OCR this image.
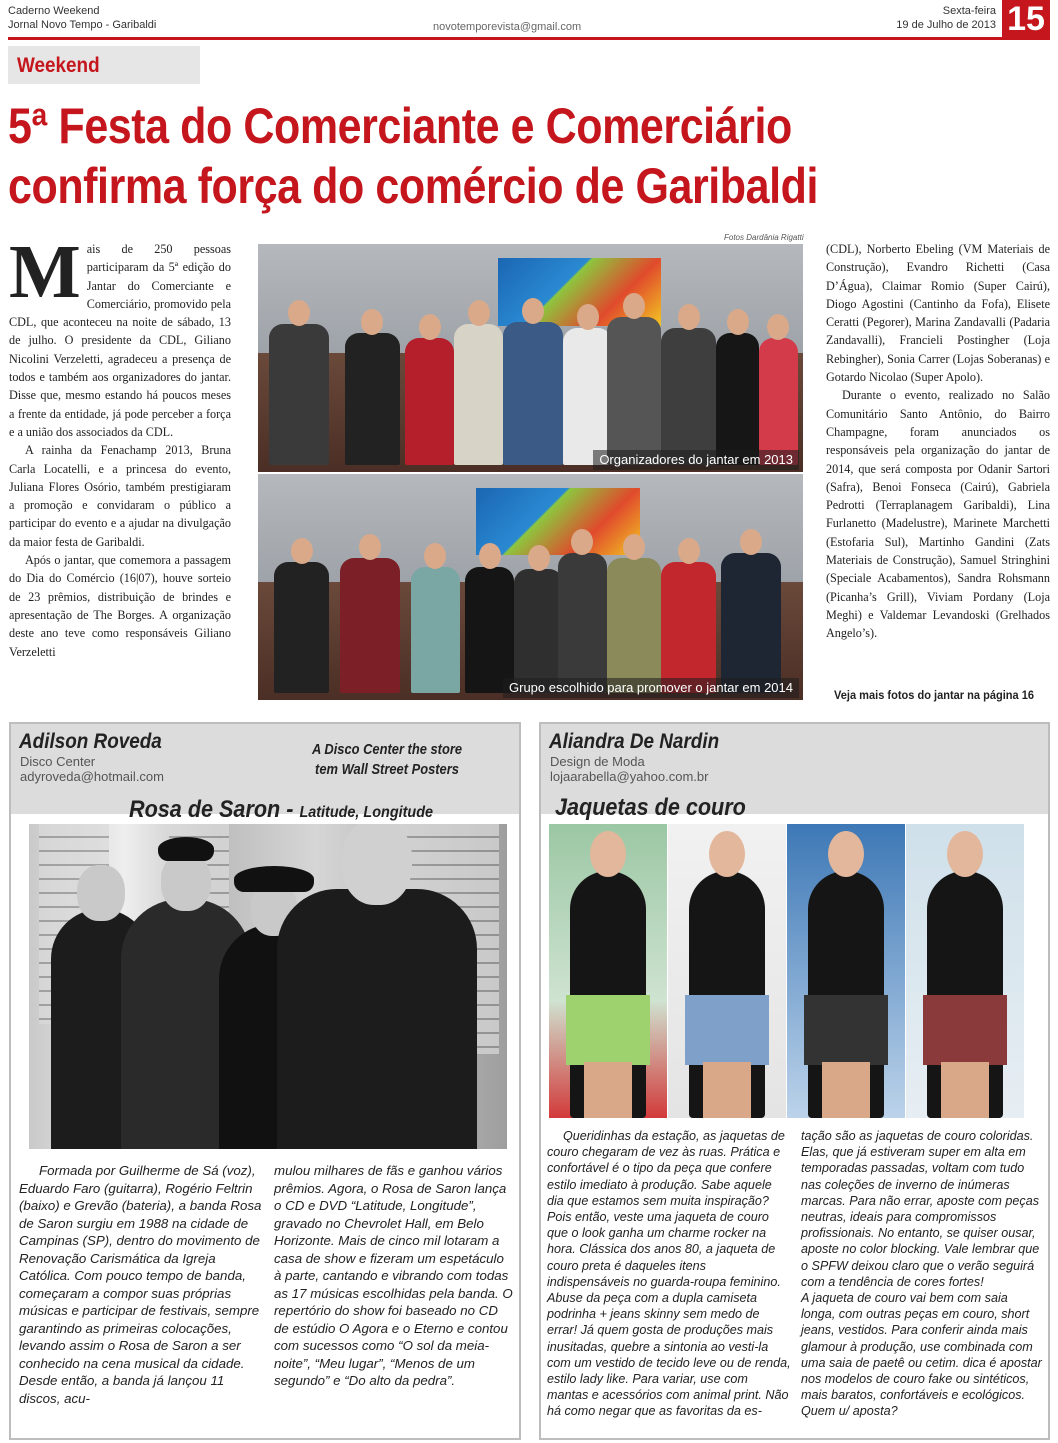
Caderno Weekend
Jornal Novo Tempo - Garibaldi	novotemporevista@gmail.com
Sexta-feira
19 de Julho de 2013 15
Weekend
5ª Festa do Comerciante e Comerciário
confirma força do comércio de Garibaldi

Mais de 250 pessoas participaram da 5ª edição do Jantar do Comerciante e Comerciário, promovido pela CDL, que aconteceu na noite de sábado, 13 de julho. O presidente da CDL, Giliano Nicolini Verzeletti, agradeceu a presença de todos e também aos organizadores do jantar. Disse que, mesmo estando há poucos meses a frente da entidade, já pode perceber a força e a união dos associados da CDL.

A rainha da Fenachamp 2013, Bruna Carla Locatelli, e a princesa do evento, Juliana Flores Osório, também prestigiaram a promoção e convidaram o público a participar do evento e a ajudar na divulgação da maior festa de Garibaldi.

Após o jantar, que comemora a passagem do Dia do Comércio (16|07), houve sorteio de 23 prêmios, distribuição de brindes e apresentação de The Borges. A organização deste ano teve como responsáveis Giliano Verzeletti

Fotos Dardânia Rigatti
Organizadores do jantar em 2013
Grupo escolhido para promover o jantar em 2014

(CDL), Norberto Ebeling (VM Materiais de Construção), Evandro Richetti (Casa D’Água), Claimar Romio (Super Cairú), Diogo Agostini (Cantinho da Fofa), Elisete Ceratti (Pegorer), Marina Zandavalli (Padaria Zandavalli), Francieli Postingher (Loja Rebingher), Sonia Carrer (Lojas Soberanas) e Gotardo Nicolao (Super Apolo).

Durante o evento, realizado no Salão Comunitário Santo Antônio, do Bairro Champagne, foram anunciados os responsáveis pela organização do jantar de 2014, que será composta por Odanir Sartori (Safra), Benoi Fonseca (Cairú), Gabriela Pedrotti (Terraplanagem Garibaldi), Lina Furlanetto (Madelustre), Marinete Marchetti (Estofaria Sul), Martinho Gandini (Zats Materiais de Construção), Samuel Stringhini (Speciale Acabamentos), Sandra Rohsmann (Picanha’s Grill), Viviam Pordany (Loja Meghi) e Valdemar Levandoski (Grelhados Angelo’s).

Veja mais fotos do jantar na página 16
Adilson Roveda
Disco Center
adyroveda@hotmail.com
A Disco Center the store
tem Wall Street Posters
Rosa de Saron - Latitude, Longitude

Formada por Guilherme de Sá (voz), Eduardo Faro (guitarra), Rogério Feltrin (baixo) e Grevão (bateria), a banda Rosa de Saron surgiu em 1988 na cidade de Campinas (SP), dentro do movimento de Renovação Carismática da Igreja Católica. Com pouco tempo de banda, começaram a compor suas próprias músicas e participar de festivais, sempre garantindo as primeiras colocações, levando assim o Rosa de Saron a ser conhecido na cena musical da cidade. Desde então, a banda já lançou 11 discos, acu-

mulou milhares de fãs e ganhou vários prêmios. Agora, o Rosa de Saron lança o CD e DVD “Latitude, Longitude”, gravado no Chevrolet Hall, em Belo Horizonte. Mais de cinco mil lotaram a casa de show e fizeram um espetáculo à parte, cantando e vibrando com todas as 17 músicas escolhidas pela banda. O repertório do show foi baseado no CD de estúdio O Agora e o Eterno e contou com sucessos como “O sol da meia-noite”, “Meu lugar”, “Menos de um segundo” e “Do alto da pedra”.

Aliandra De Nardin
Design de Moda
lojaarabella@yahoo.com.br
Jaquetas de couro

Queridinhas da estação, as jaquetas de couro chegaram de vez às ruas. Prática e confortável é o tipo da peça que confere estilo imediato à produção. Sabe aquele dia que estamos sem muita inspiração? Pois então, veste uma jaqueta de couro que o look ganha um charme rocker na hora. Clássica dos anos 80, a jaqueta de couro preta é daqueles itens indispensáveis no guarda-roupa feminino. Abuse da peça com a dupla camiseta podrinha + jeans skinny sem medo de errar! Já quem gosta de produções mais inusitadas, quebre a sintonia ao vesti-la com um vestido de tecido leve ou de renda, estilo lady like. Para variar, use com mantas e acessórios com animal print. Não há como negar que as favoritas da es-

tação são as jaquetas de couro coloridas. Elas, que já estiveram super em alta em temporadas passadas, voltam com tudo nas coleções de inverno de inúmeras marcas. Para não errar, aposte com peças neutras, ideais para compromissos profissionais. No entanto, se quiser ousar, aposte no color blocking. Vale lembrar que o SPFW deixou claro que o verão seguirá com a tendência de cores fortes!

A jaqueta de couro vai bem com saia longa, com outras peças em couro, short jeans, vestidos. Para conferir ainda mais glamour à produção, use combinada com uma saia de paetê ou cetim. dica é apostar nos modelos de couro fake ou sintéticos, mais baratos, confortáveis e ecológicos. Quem u/ aposta?
